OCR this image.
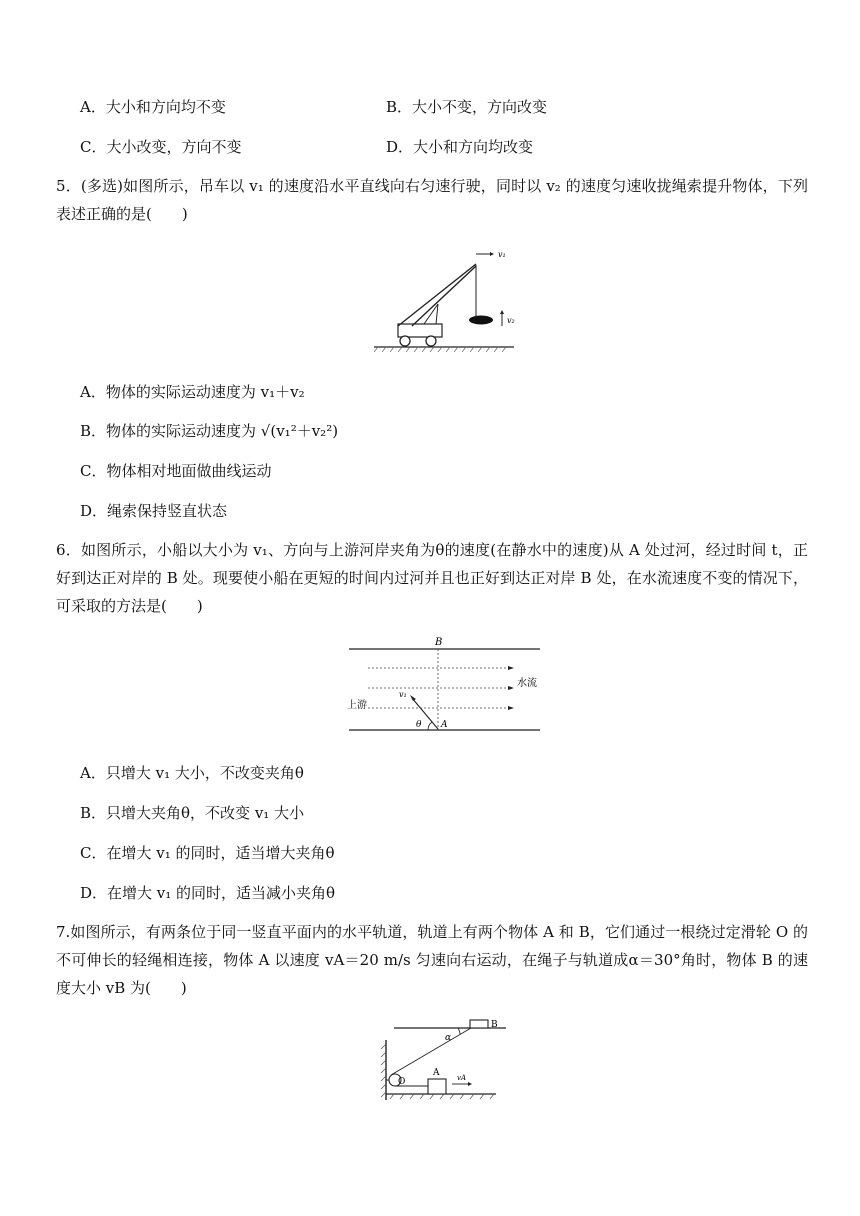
A．大小和方向均不变	B．大小不变，方向改变
C．大小改变，方向不变	D．大小和方向均改变
5．(多选)如图所示，吊车以 v₁ 的速度沿水平直线向右匀速行驶，同时以 v₂ 的速度匀速收拢绳索提升物体，下列表述正确的是(　　)
v₁
v₂
A．物体的实际运动速度为 v₁＋v₂
B．物体的实际运动速度为 √(v₁²＋v₂²)
C．物体相对地面做曲线运动
D．绳索保持竖直状态
6．如图所示，小船以大小为 v₁、方向与上游河岸夹角为θ的速度(在静水中的速度)从 A 处过河，经过时间 t，正好到达正对岸的 B 处。现要使小船在更短的时间内过河并且也正好到达正对岸 B 处，在水流速度不变的情况下，可采取的方法是(　　)
水流
上游
B
A
v₁
θ
A．只增大 v₁ 大小，不改变夹角θ
B．只增大夹角θ，不改变 v₁ 大小
C．在增大 v₁ 的同时，适当增大夹角θ
D．在增大 v₁ 的同时，适当减小夹角θ
7.如图所示，有两条位于同一竖直平面内的水平轨道，轨道上有两个物体 A 和 B，它们通过一根绕过定滑轮 O 的不可伸长的轻绳相连接，物体 A 以速度 vA＝20 m/s 匀速向右运动，在绳子与轨道成α＝30°角时，物体 B 的速度大小 vB 为(　　)
B
O
α
A	vA
